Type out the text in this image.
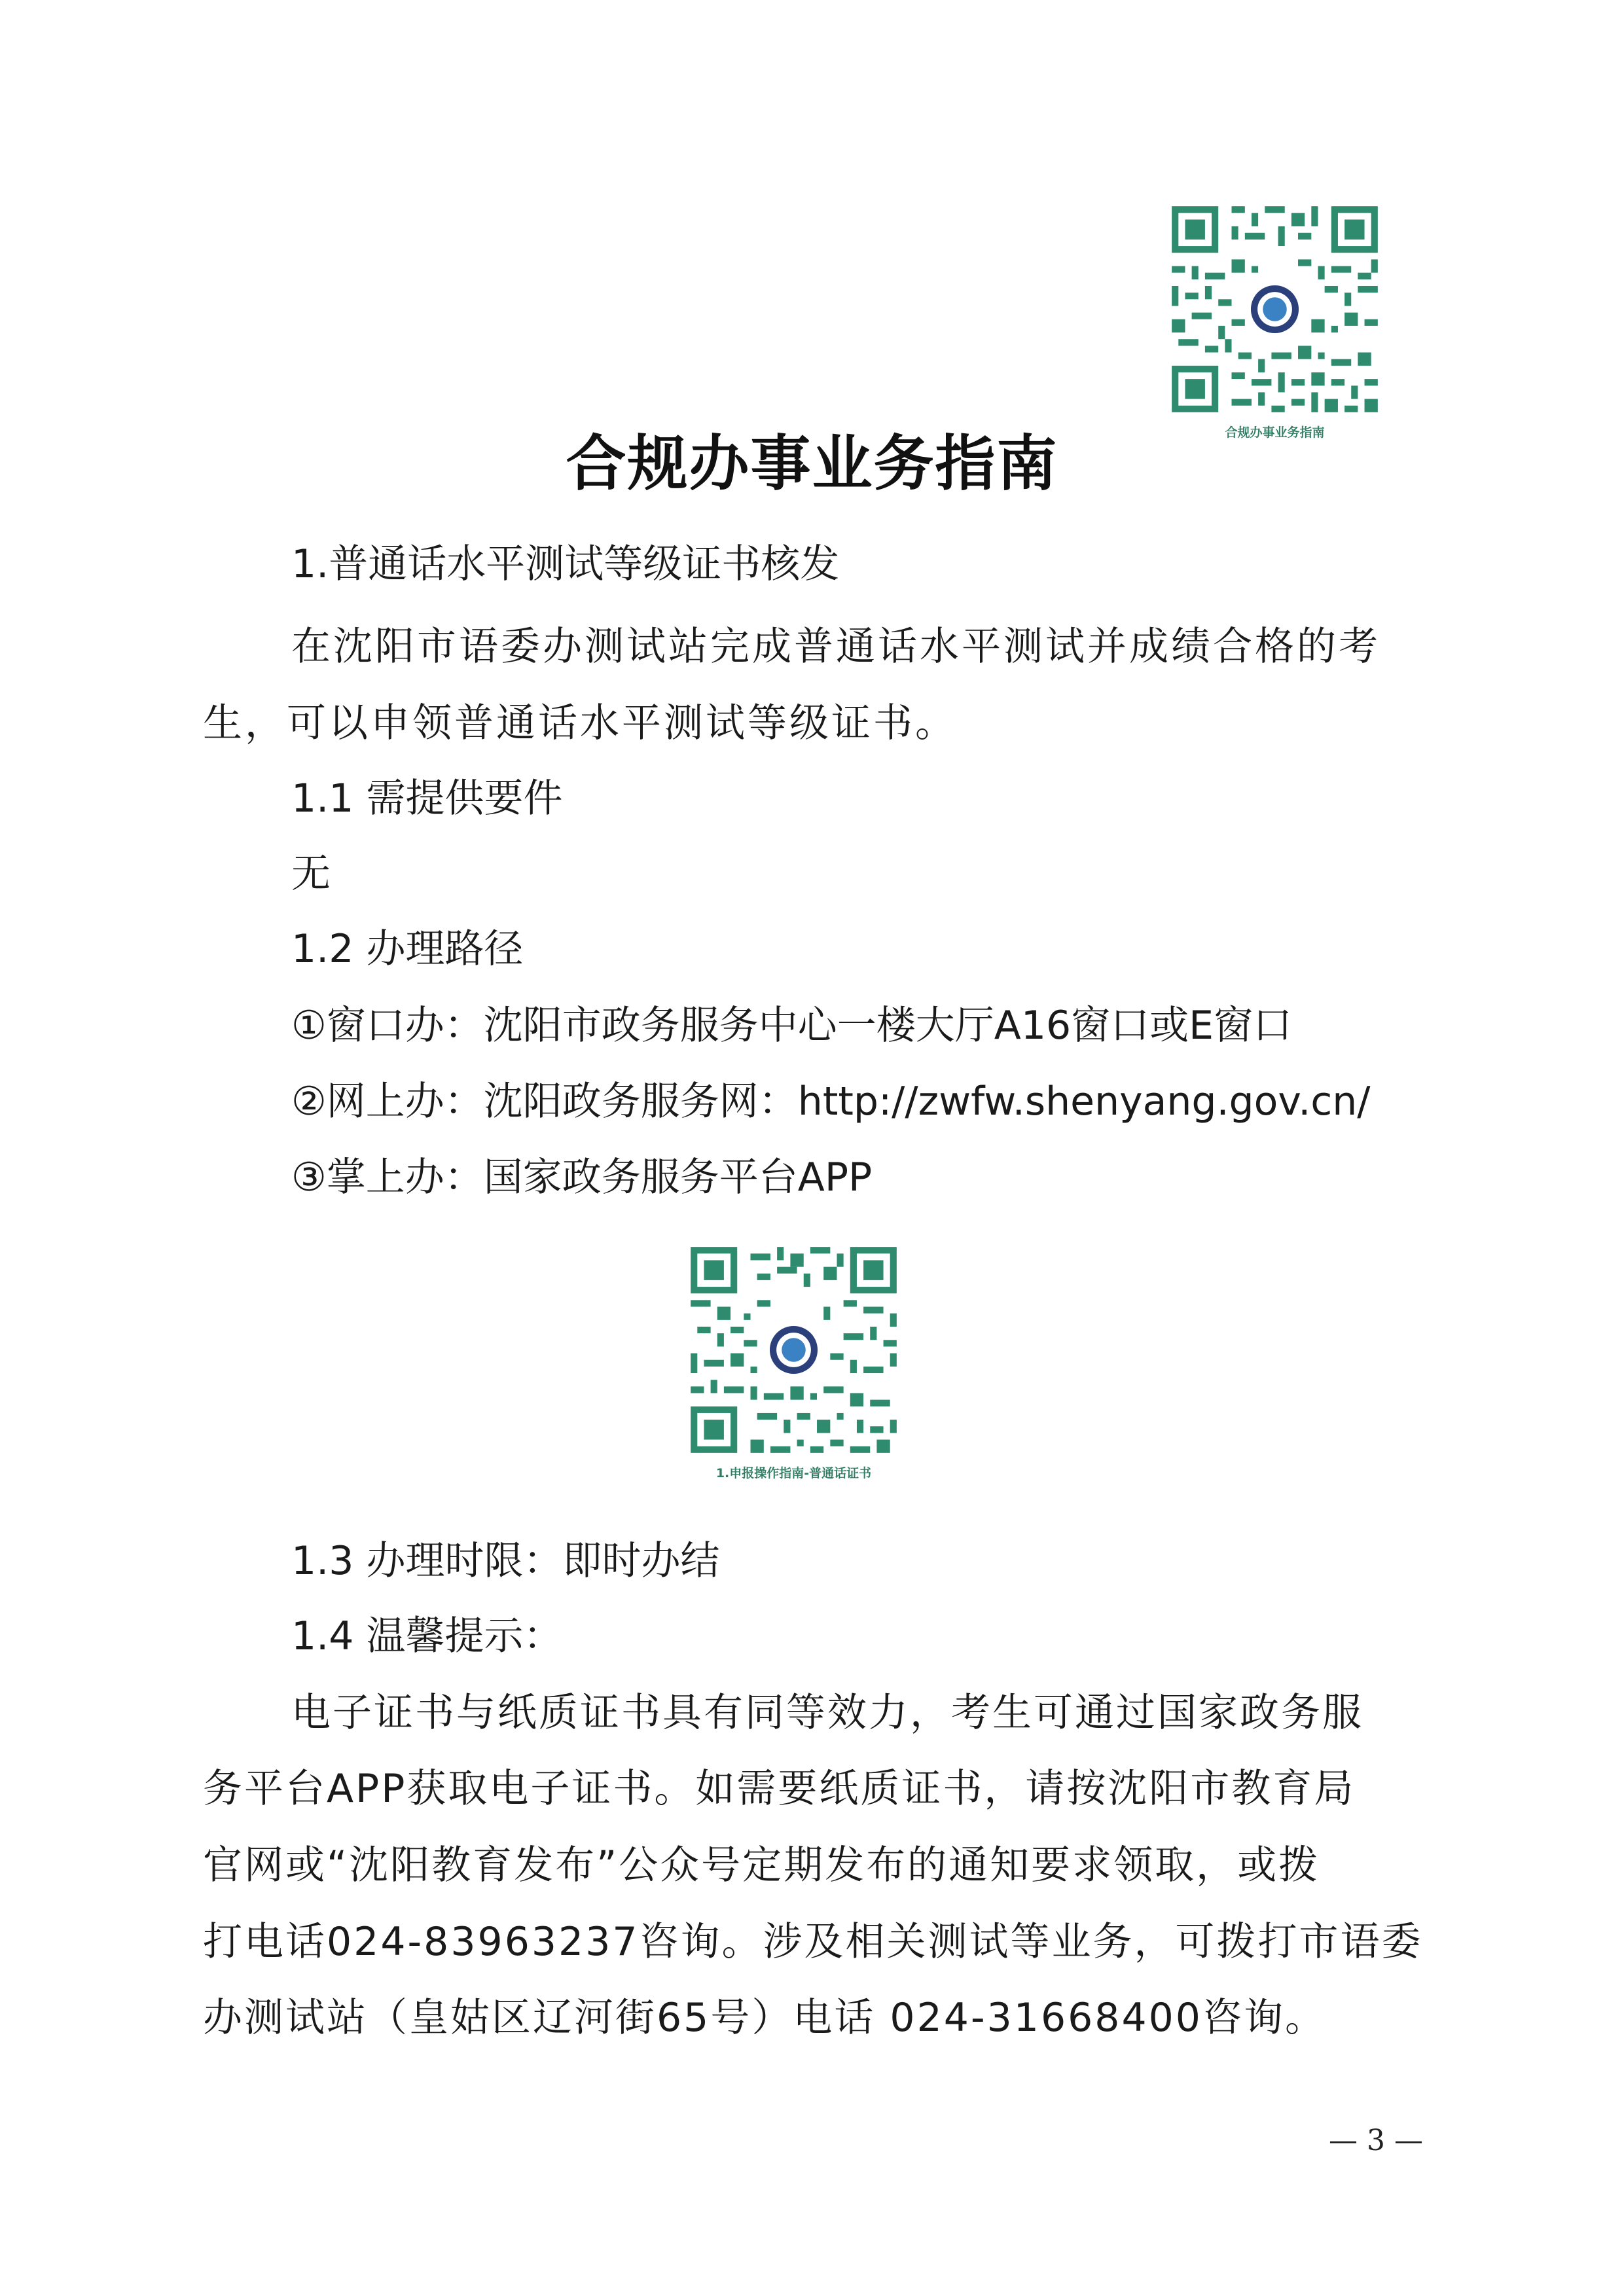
合规办事业务指南
合规办事业务指南
1.普通话水平测试等级证书核发
在沈阳市语委办测试站完成普通话水平测试并成绩合格的考
生，可以申领普通话水平测试等级证书。
1.1 需提供要件
无
1.2 办理路径
①窗口办：沈阳市政务服务中心一楼大厅A16窗口或E窗口
②网上办：沈阳政务服务网：http://zwfw.shenyang.gov.cn/
③掌上办：国家政务服务平台APP
1.申报操作指南-普通话证书
1.3 办理时限：即时办结
1.4 温馨提示：
电子证书与纸质证书具有同等效力，考生可通过国家政务服
务平台APP获取电子证书。如需要纸质证书，请按沈阳市教育局
官网或“沈阳教育发布”公众号定期发布的通知要求领取，或拨
打电话024-83963237咨询。涉及相关测试等业务，可拨打市语委
办测试站（皇姑区辽河街65号）电话 024-31668400咨询。
— 3 —
